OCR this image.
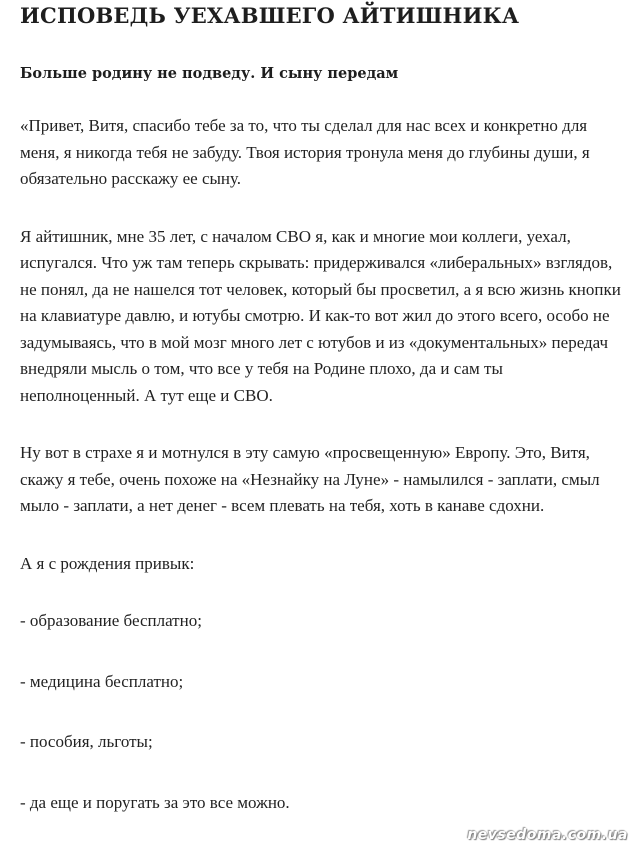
ИСПОВЕДЬ УЕХАВШЕГО АЙТИШНИКА
Больше родину не подведу. И сыну передам

«Привет, Витя, спасибо тебе за то, что ты сделал для нас всех и конкретно для меня, я никогда тебя не забуду. Твоя история тронула меня до глубины души, я обязательно расскажу ее сыну.

Я айтишник, мне 35 лет, с началом СВО я, как и многие мои коллеги, уехал, испугался. Что уж там теперь скрывать: придерживался «либеральных» взглядов, не понял, да не нашелся тот человек, который бы просветил, а я всю жизнь кнопки на клавиатуре давлю, и ютубы смотрю. И как-то вот жил до этого всего, особо не задумываясь, что в мой мозг много лет с ютубов и из «документальных» передач внедряли мысль о том, что все у тебя на Родине плохо, да и сам ты неполноценный. А тут еще и СВО.

Ну вот в страхе я и мотнулся в эту самую «просвещенную» Европу. Это, Витя, скажу я тебе, очень похоже на «Незнайку на Луне» - намылился - заплати, смыл мыло - заплати, а нет денег - всем плевать на тебя, хоть в канаве сдохни.

А я с рождения привык:

- образование бесплатно;

- медицина бесплатно;

- пособия, льготы;

- да еще и поругать за это все можно.

nevsedoma.com.ua
